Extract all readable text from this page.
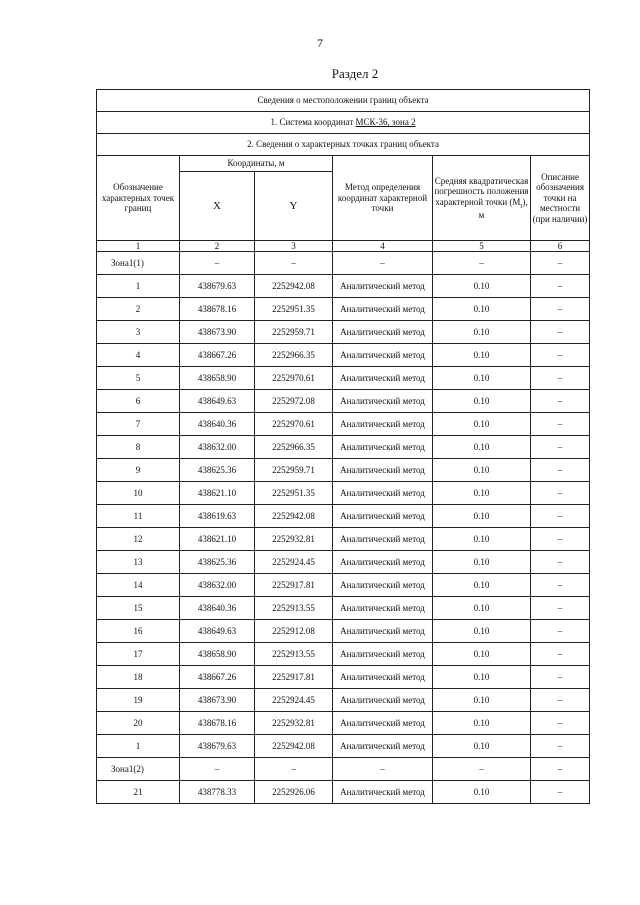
7
Раздел 2
Сведения о местоположении границ объекта					
1. Система координат МСК-36, зона 2					
2. Сведения о характерных точках границ объекта					
Обозначение характерных точек границ	Координаты, м		Метод определения координат характерной точки	Средняя квадратическая погрешность положения характерной точки $(M_t)$, м	Описание обозначения точки на местности (при наличии)
	X	Y			
1	2	3	4	5	6
Зона1(1)	–	–	–	–	–
1	438679.63	2252942.08	Аналитический метод	0.10	–
2	438678.16	2252951.35	Аналитический метод	0.10	–
3	438673.90	2252959.71	Аналитический метод	0.10	–
4	438667.26	2252966.35	Аналитический метод	0.10	–
5	438658.90	2252970.61	Аналитический метод	0.10	–
6	438649.63	2252972.08	Аналитический метод	0.10	–
7	438640.36	2252970.61	Аналитический метод	0.10	–
8	438632.00	2252966.35	Аналитический метод	0.10	–
9	438625.36	2252959.71	Аналитический метод	0.10	–
10	438621.10	2252951.35	Аналитический метод	0.10	–
11	438619.63	2252942.08	Аналитический метод	0.10	–
12	438621.10	2252932.81	Аналитический метод	0.10	–
13	438625.36	2252924.45	Аналитический метод	0.10	–
14	438632.00	2252917.81	Аналитический метод	0.10	–
15	438640.36	2252913.55	Аналитический метод	0.10	–
16	438649.63	2252912.08	Аналитический метод	0.10	–
17	438658.90	2252913.55	Аналитический метод	0.10	–
18	438667.26	2252917.81	Аналитический метод	0.10	–
19	438673.90	2252924.45	Аналитический метод	0.10	–
20	438678.16	2252932.81	Аналитический метод	0.10	–
1	438679.63	2252942.08	Аналитический метод	0.10	–
Зона1(2)	–	–	–	–	–
21	438778.33	2252926.06	Аналитический метод	0.10	–
